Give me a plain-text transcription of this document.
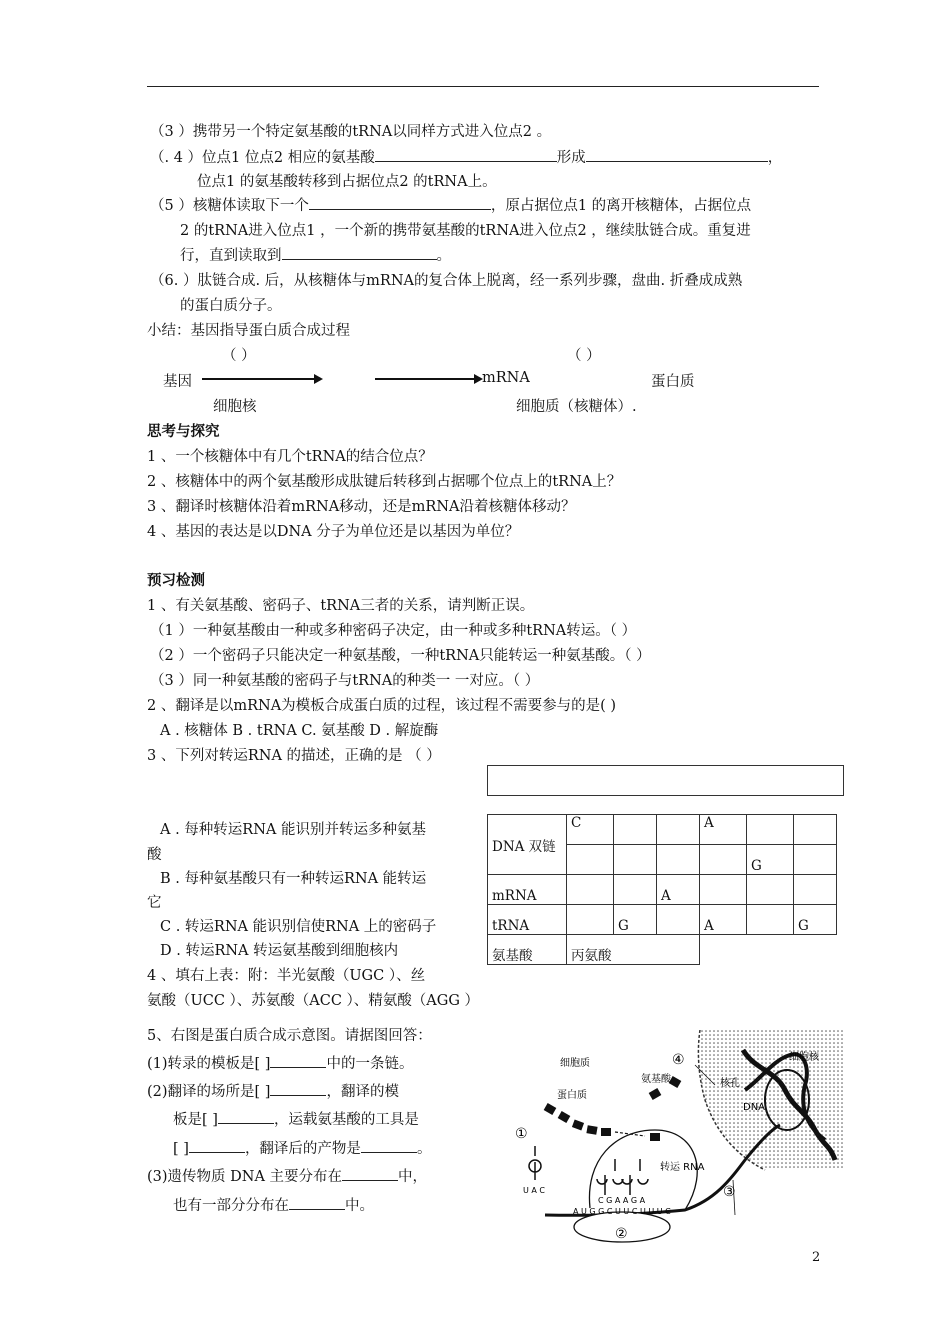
（3 ）携带另一个特定氨基酸的tRNA以同样方式进入位点2 。
（. 4 ）位点1 位点2 相应的氨基酸	形成	，
位点1 的氨基酸转移到占据位点2 的tRNA上。
（5 ）核糖体读取下一个	，原占据位点1 的离开核糖体，占据位点
2 的tRNA进入位点1 ，一个新的携带氨基酸的tRNA进入位点2 ，继续肽链合成。重复进
行，直到读取到	。
（6. ）肽链合成. 后，从核糖体与mRNA的复合体上脱离，经一系列步骤，盘曲. 折叠成成熟
的蛋白质分子。
小结：基因指导蛋白质合成过程
（ ）	（ ）
基因	mRNA	蛋白质
细胞核	细胞质（核糖体）.
思考与探究
1 、一个核糖体中有几个tRNA的结合位点？
2 、核糖体中的两个氨基酸形成肽键后转移到占据哪个位点上的tRNA上？
3 、翻译时核糖体沿着mRNA移动，还是mRNA沿着核糖体移动？
4 、基因的表达是以DNA 分子为单位还是以基因为单位？
预习检测
1 、有关氨基酸、密码子、tRNA三者的关系，请判断正误。
（1 ）一种氨基酸由一种或多种密码子决定，由一种或多种tRNA转运。（ ）
（2 ）一个密码子只能决定一种氨基酸，一种tRNA只能转运一种氨基酸。（ ）
（3 ）同一种氨基酸的密码子与tRNA的种类一 一对应。（ ）
2 、翻译是以mRNA为模板合成蛋白质的过程，该过程不需要参与的是( )
A . 核糖体 B . tRNA C. 氨基酸 D . 解旋酶
3 、下列对转运RNA 的描述，正确的是 （ ）
A . 每种转运RNA 能识别并转运多种氨基
酸
B . 每种氨基酸只有一种转运RNA 能转运
它
C . 转运RNA 能识别信使RNA 上的密码子
D . 转运RNA 转运氨基酸到细胞核内
4 、填右上表：附：半光氨酸（UGC ）、丝
氨酸（UCC ）、苏氨酸（ACC ）、精氨酸（AGG ）
DNA 双链	C			A		
					G	
mRNA			A			
tRNA		G		A		G
氨基酸	丙氨酸					
5、右图是蛋白质合成示意图。请据图回答：
(1)转录的模板是[ ]	中的一条链。
(2)翻译的场所是[ ]	，翻译的模
板是[ ]	，运载氨基酸的工具是
[ ]	，翻译后的产物是	。
(3)遗传物质 DNA 主要分布在	中，
也有一部分分布在	中。
细胞质
细胞核
氨基酸	核孔
DNA
蛋白质
转运 RNA
①
②
③
④
U A C
C G A A G A
A U G G C U U C U U U C
2
